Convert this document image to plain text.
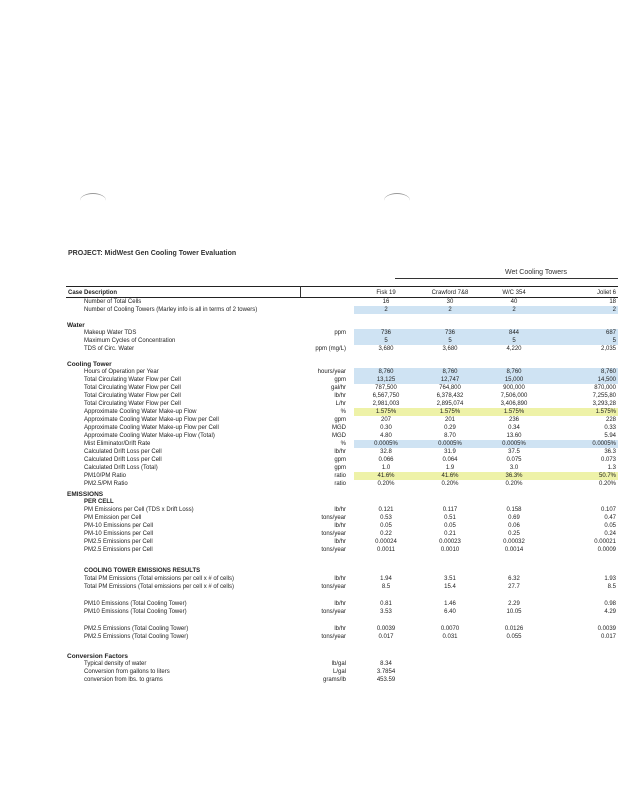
PROJECT: MidWest Gen Cooling Tower Evaluation
Wet Cooling Towers
Case Description		Fisk 19	Crawford 7&8	W/C 354	Joliet 6
Number of Total Cells		16	30	40	18
Number of Cooling Towers (Marley info is all in terms of 2 towers)		2	2	2	2

Water					
Makeup Water TDS	ppm	736	736	844	687
Maximum Cycles of Concentration		5	5	5	5
TDS of Circ. Water	ppm (mg/L)	3,680	3,680	4,220	2,035

Cooling Tower					
Hours of Operation per Year	hours/year	8,760	8,760	8,760	8,760
Total Circulating Water Flow per Cell	gpm	13,125	12,747	15,000	14,500
Total Circulating Water Flow per Cell	gal/hr	787,500	764,800	900,000	870,000
Total Circulating Water Flow per Cell	lb/hr	6,567,750	6,378,432	7,506,000	7,255,80
Total Circulating Water Flow per Cell	L/hr	2,981,003	2,895,074	3,406,890	3,293,28
Approximate Cooling Water Make-up Flow	%	1.575%	1.575%	1.575%	1.575%
Approximate Cooling Water Make-up Flow per Cell	gpm	207	201	236	228
Approximate Cooling Water Make-up Flow per Cell	MGD	0.30	0.29	0.34	0.33
Approximate Cooling Water Make-up Flow (Total)	MGD	4.80	8.70	13.60	5.94
Mist Eliminator/Drift Rate	%	0.0005%	0.0005%	0.0005%	0.0005%
Calculated Drift Loss per Cell	lb/hr	32.8	31.9	37.5	36.3
Calculated Drift Loss per Cell	gpm	0.066	0.064	0.075	0.073
Calculated Drift Loss (Total)	gpm	1.0	1.9	3.0	1.3
PM10/PM Ratio	ratio	41.6%	41.6%	36.3%	50.7%
PM2.5/PM Ratio	ratio	0.20%	0.20%	0.20%	0.20%
EMISSIONS					
PER CELL					
PM Emissions per Cell (TDS x Drift Loss)	lb/hr	0.121	0.117	0.158	0.107
PM Emission per Cell	tons/year	0.53	0.51	0.69	0.47
PM-10 Emissions per Cell	lb/hr	0.05	0.05	0.06	0.05
PM-10 Emissions per Cell	tons/year	0.22	0.21	0.25	0.24
PM2.5 Emissions per Cell	lb/hr	0.00024	0.00023	0.00032	0.00021
PM2.5 Emissions per Cell	tons/year	0.0011	0.0010	0.0014	0.0009

COOLING TOWER EMISSIONS RESULTS					
Total PM Emissions (Total emissions per cell x # of cells)	lb/hr	1.94	3.51	6.32	1.93
Total PM Emissions (Total emissions per cell x # of cells)	tons/year	8.5	15.4	27.7	8.5

PM10 Emissions (Total Cooling Tower)	lb/hr	0.81	1.46	2.29	0.98
PM10 Emissions (Total Cooling Tower)	tons/year	3.53	6.40	10.05	4.29

PM2.5 Emissions (Total Cooling Tower)	lb/hr	0.0039	0.0070	0.0126	0.0039
PM2.5 Emissions (Total Cooling Tower)	tons/year	0.017	0.031	0.055	0.017

Conversion Factors					
Typical density of water	lb/gal	8.34			
Conversion from gallons to liters	L/gal	3.7854			
conversion from lbs. to grams	grams/lb	453.59			
